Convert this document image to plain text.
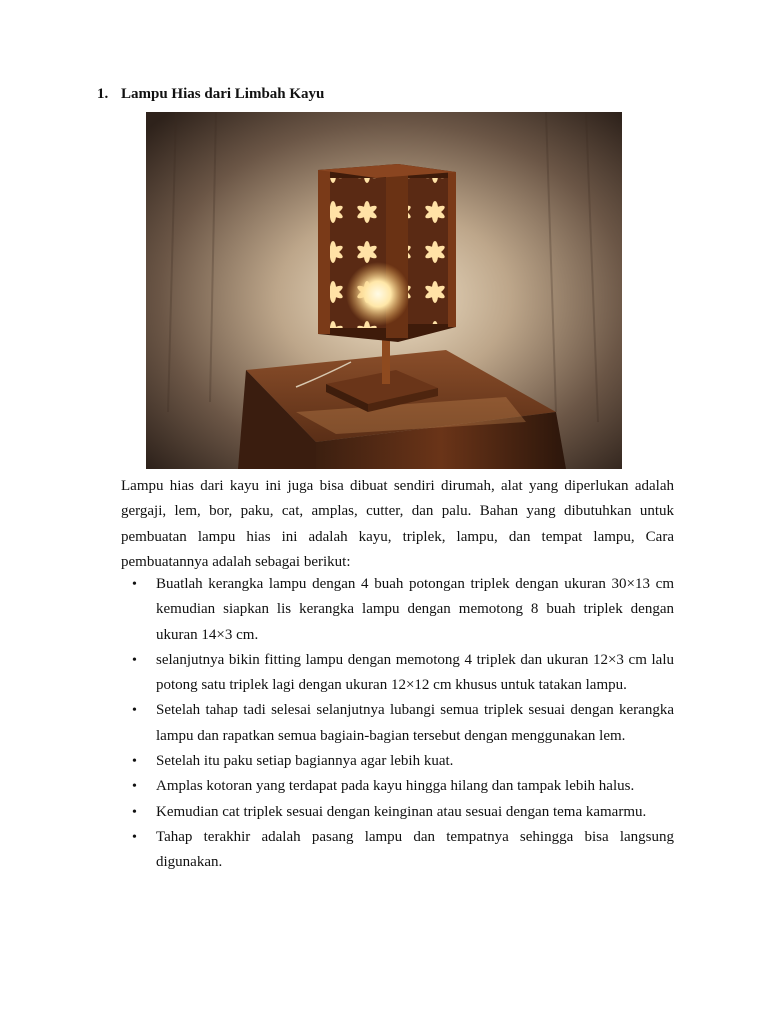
1. Lampu Hias dari Limbah Kayu

Lampu hias dari kayu ini juga bisa dibuat sendiri dirumah, alat yang diperlukan adalah gergaji, lem, bor, paku, cat, amplas, cutter, dan palu. Bahan yang dibutuhkan untuk pembuatan lampu hias ini adalah kayu, triplek, lampu, dan tempat lampu, Cara pembuatannya adalah sebagai berikut:

• Buatlah kerangka lampu dengan 4 buah potongan triplek dengan ukuran 30×13 cm kemudian siapkan lis kerangka lampu dengan memotong 8 buah triplek dengan ukuran 14×3 cm.
• selanjutnya bikin fitting lampu dengan memotong 4 triplek dan ukuran 12×3 cm lalu potong satu triplek lagi dengan ukuran 12×12 cm khusus untuk tatakan lampu.
• Setelah tahap tadi selesai selanjutnya lubangi semua triplek sesuai dengan kerangka lampu dan rapatkan semua bagiain-bagian tersebut dengan menggunakan lem.
• Setelah itu paku setiap bagiannya agar lebih kuat.
• Amplas kotoran yang terdapat pada kayu hingga hilang dan tampak lebih halus.
• Kemudian cat triplek sesuai dengan keinginan atau sesuai dengan tema kamarmu.
• Tahap terakhir adalah pasang lampu dan tempatnya sehingga bisa langsung digunakan.
